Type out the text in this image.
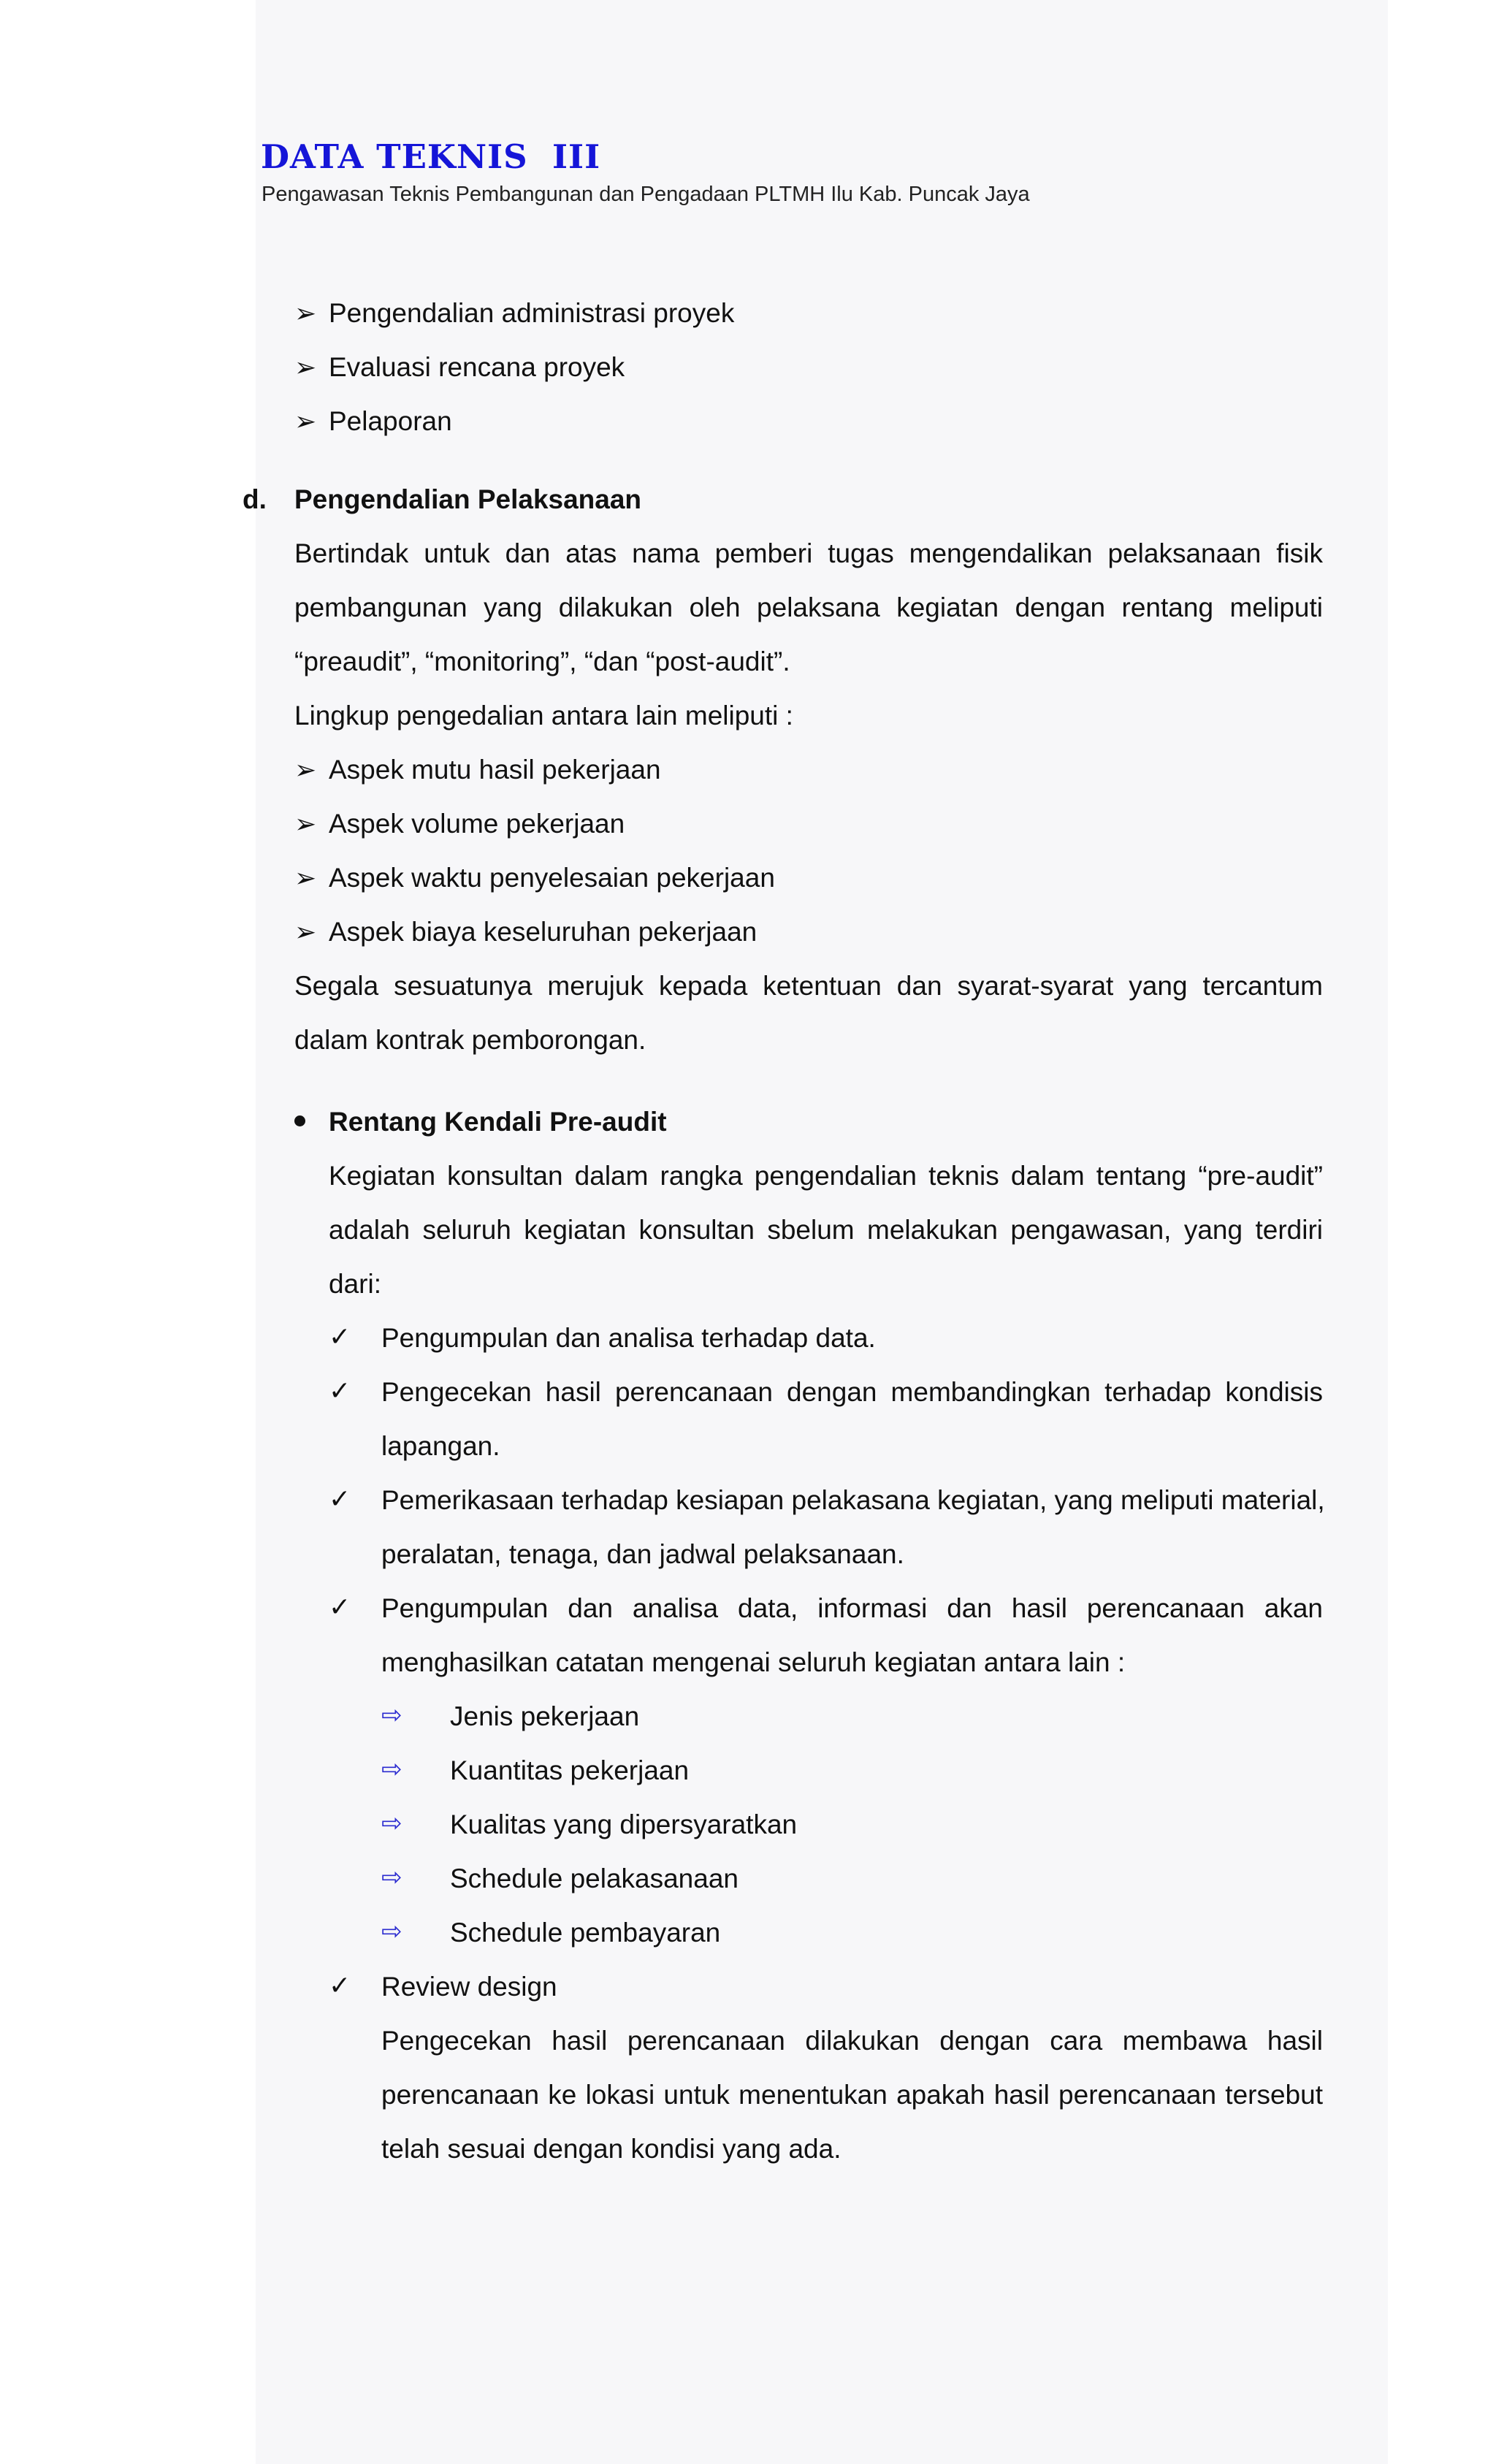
DATA TEKNIS  III
Pengawasan Teknis Pembangunan dan Pengadaan PLTMH Ilu Kab. Puncak Jaya
➢ Pengendalian administrasi proyek
➢ Evaluasi rencana proyek
➢ Pelaporan
d. Pengendalian Pelaksanaan
Bertindak untuk dan atas nama pemberi tugas mengendalikan pelaksanaan fisik
pembangunan yang dilakukan oleh pelaksana kegiatan dengan rentang meliputi
“preaudit”, “monitoring”, “dan “post-audit”.
Lingkup pengedalian antara lain meliputi :
➢ Aspek mutu hasil pekerjaan
➢ Aspek volume pekerjaan
➢ Aspek waktu penyelesaian pekerjaan
➢ Aspek biaya keseluruhan pekerjaan
Segala sesuatunya merujuk kepada ketentuan dan syarat-syarat yang tercantum
dalam kontrak pemborongan.
Rentang Kendali Pre-audit
Kegiatan konsultan dalam rangka pengendalian teknis dalam tentang “pre-audit”
adalah seluruh kegiatan konsultan sbelum melakukan pengawasan, yang terdiri
dari:
✓ Pengumpulan dan analisa terhadap data.
✓ Pengecekan hasil perencanaan dengan membandingkan terhadap kondisis
lapangan.
✓ Pemerikasaan terhadap kesiapan pelakasana kegiatan, yang meliputi material,
peralatan, tenaga, dan jadwal pelaksanaan.
✓ Pengumpulan dan analisa data, informasi dan hasil perencanaan akan
menghasilkan catatan mengenai seluruh kegiatan antara lain :
⇨ Jenis pekerjaan
⇨ Kuantitas pekerjaan
⇨ Kualitas yang dipersyaratkan
⇨ Schedule pelakasanaan
⇨ Schedule pembayaran
✓ Review design
Pengecekan hasil perencanaan dilakukan dengan cara membawa hasil
perencanaan ke lokasi untuk menentukan apakah hasil perencanaan tersebut
telah sesuai dengan kondisi yang ada.
